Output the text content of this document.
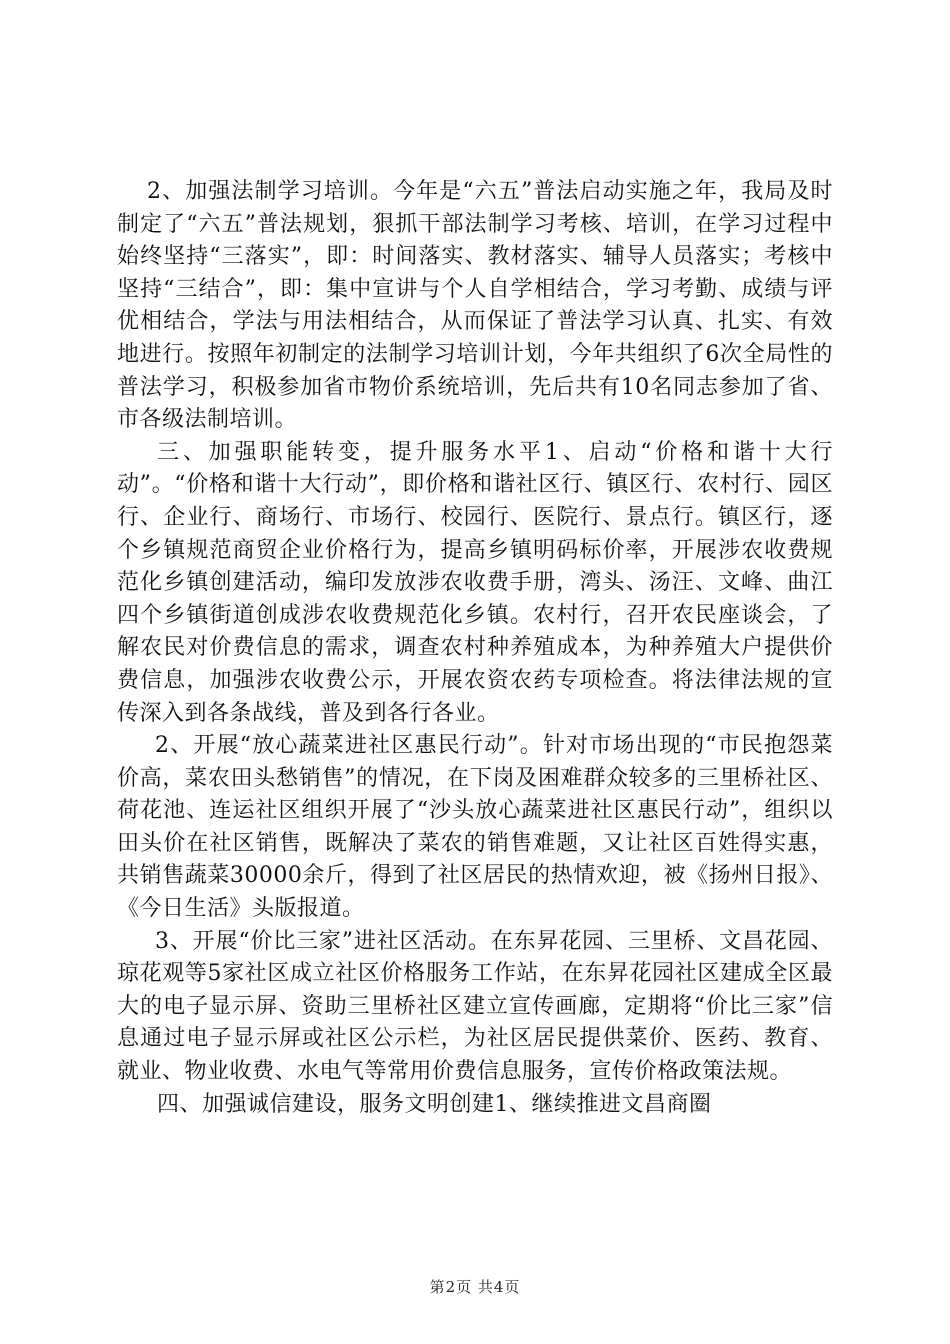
2、加强法制学习培训。今年是“六五”普法启动实施之年，我局及时制定了“六五”普法规划，狠抓干部法制学习考核、培训，在学习过程中始终坚持“三落实”，即：时间落实、教材落实、辅导人员落实；考核中坚持“三结合”，即：集中宣讲与个人自学相结合，学习考勤、成绩与评优相结合，学法与用法相结合，从而保证了普法学习认真、扎实、有效地进行。按照年初制定的法制学习培训计划，今年共组织了6次全局性的普法学习，积极参加省市物价系统培训，先后共有10名同志参加了省、市各级法制培训。

三、加强职能转变，提升服务水平1、启动“价格和谐十大行动”。“价格和谐十大行动”，即价格和谐社区行、镇区行、农村行、园区行、企业行、商场行、市场行、校园行、医院行、景点行。镇区行，逐个乡镇规范商贸企业价格行为，提高乡镇明码标价率，开展涉农收费规范化乡镇创建活动，编印发放涉农收费手册，湾头、汤汪、文峰、曲江四个乡镇街道创成涉农收费规范化乡镇。农村行，召开农民座谈会，了解农民对价费信息的需求，调查农村种养殖成本，为种养殖大户提供价费信息，加强涉农收费公示，开展农资农药专项检查。将法律法规的宣传深入到各条战线，普及到各行各业。

2、开展“放心蔬菜进社区惠民行动”。针对市场出现的“市民抱怨菜价高，菜农田头愁销售”的情况，在下岗及困难群众较多的三里桥社区、荷花池、连运社区组织开展了“沙头放心蔬菜进社区惠民行动”，组织以田头价在社区销售，既解决了菜农的销售难题，又让社区百姓得实惠，共销售蔬菜30000余斤，得到了社区居民的热情欢迎，被《扬州日报》、《今日生活》头版报道。

3、开展“价比三家”进社区活动。在东昇花园、三里桥、文昌花园、琼花观等5家社区成立社区价格服务工作站，在东昇花园社区建成全区最大的电子显示屏、资助三里桥社区建立宣传画廊，定期将“价比三家”信息通过电子显示屏或社区公示栏，为社区居民提供菜价、医药、教育、就业、物业收费、水电气等常用价费信息服务，宣传价格政策法规。

四、加强诚信建设，服务文明创建1、继续推进文昌商圈

第2页 共4页
